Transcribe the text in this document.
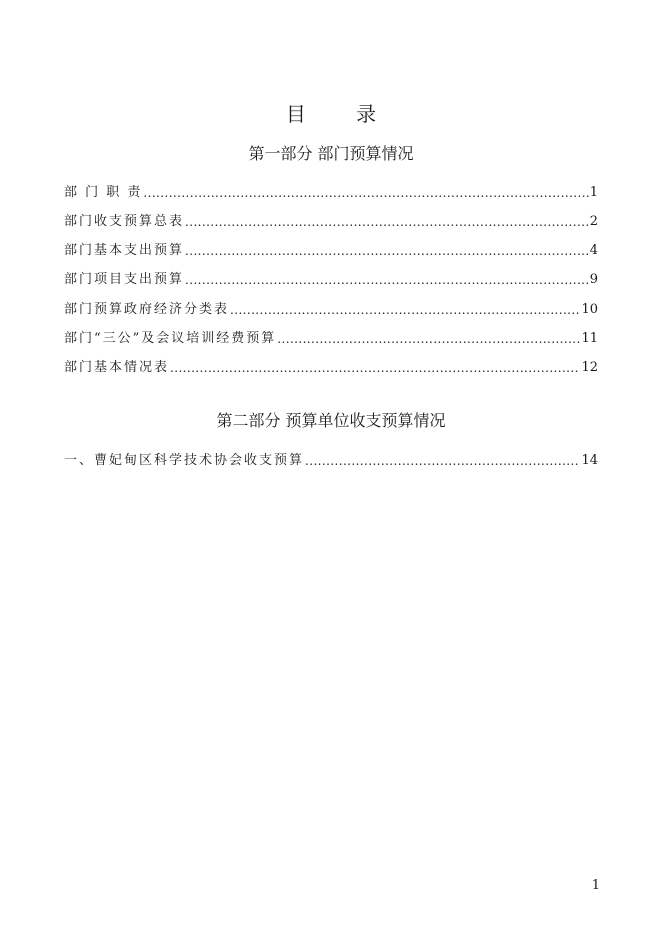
目 录
第一部分 部门预算情况
部 门 职 责 .....	1
部门收支预算总表 .....	2
部门基本支出预算 .....	4
部门项目支出预算 .....	9
部门预算政府经济分类表 .....	10
部门“三公”及会议培训经费预算 .....	11
部门基本情况表 .....	12
第二部分 预算单位收支预算情况
一、曹妃甸区科学技术协会收支预算 .....	14
1
